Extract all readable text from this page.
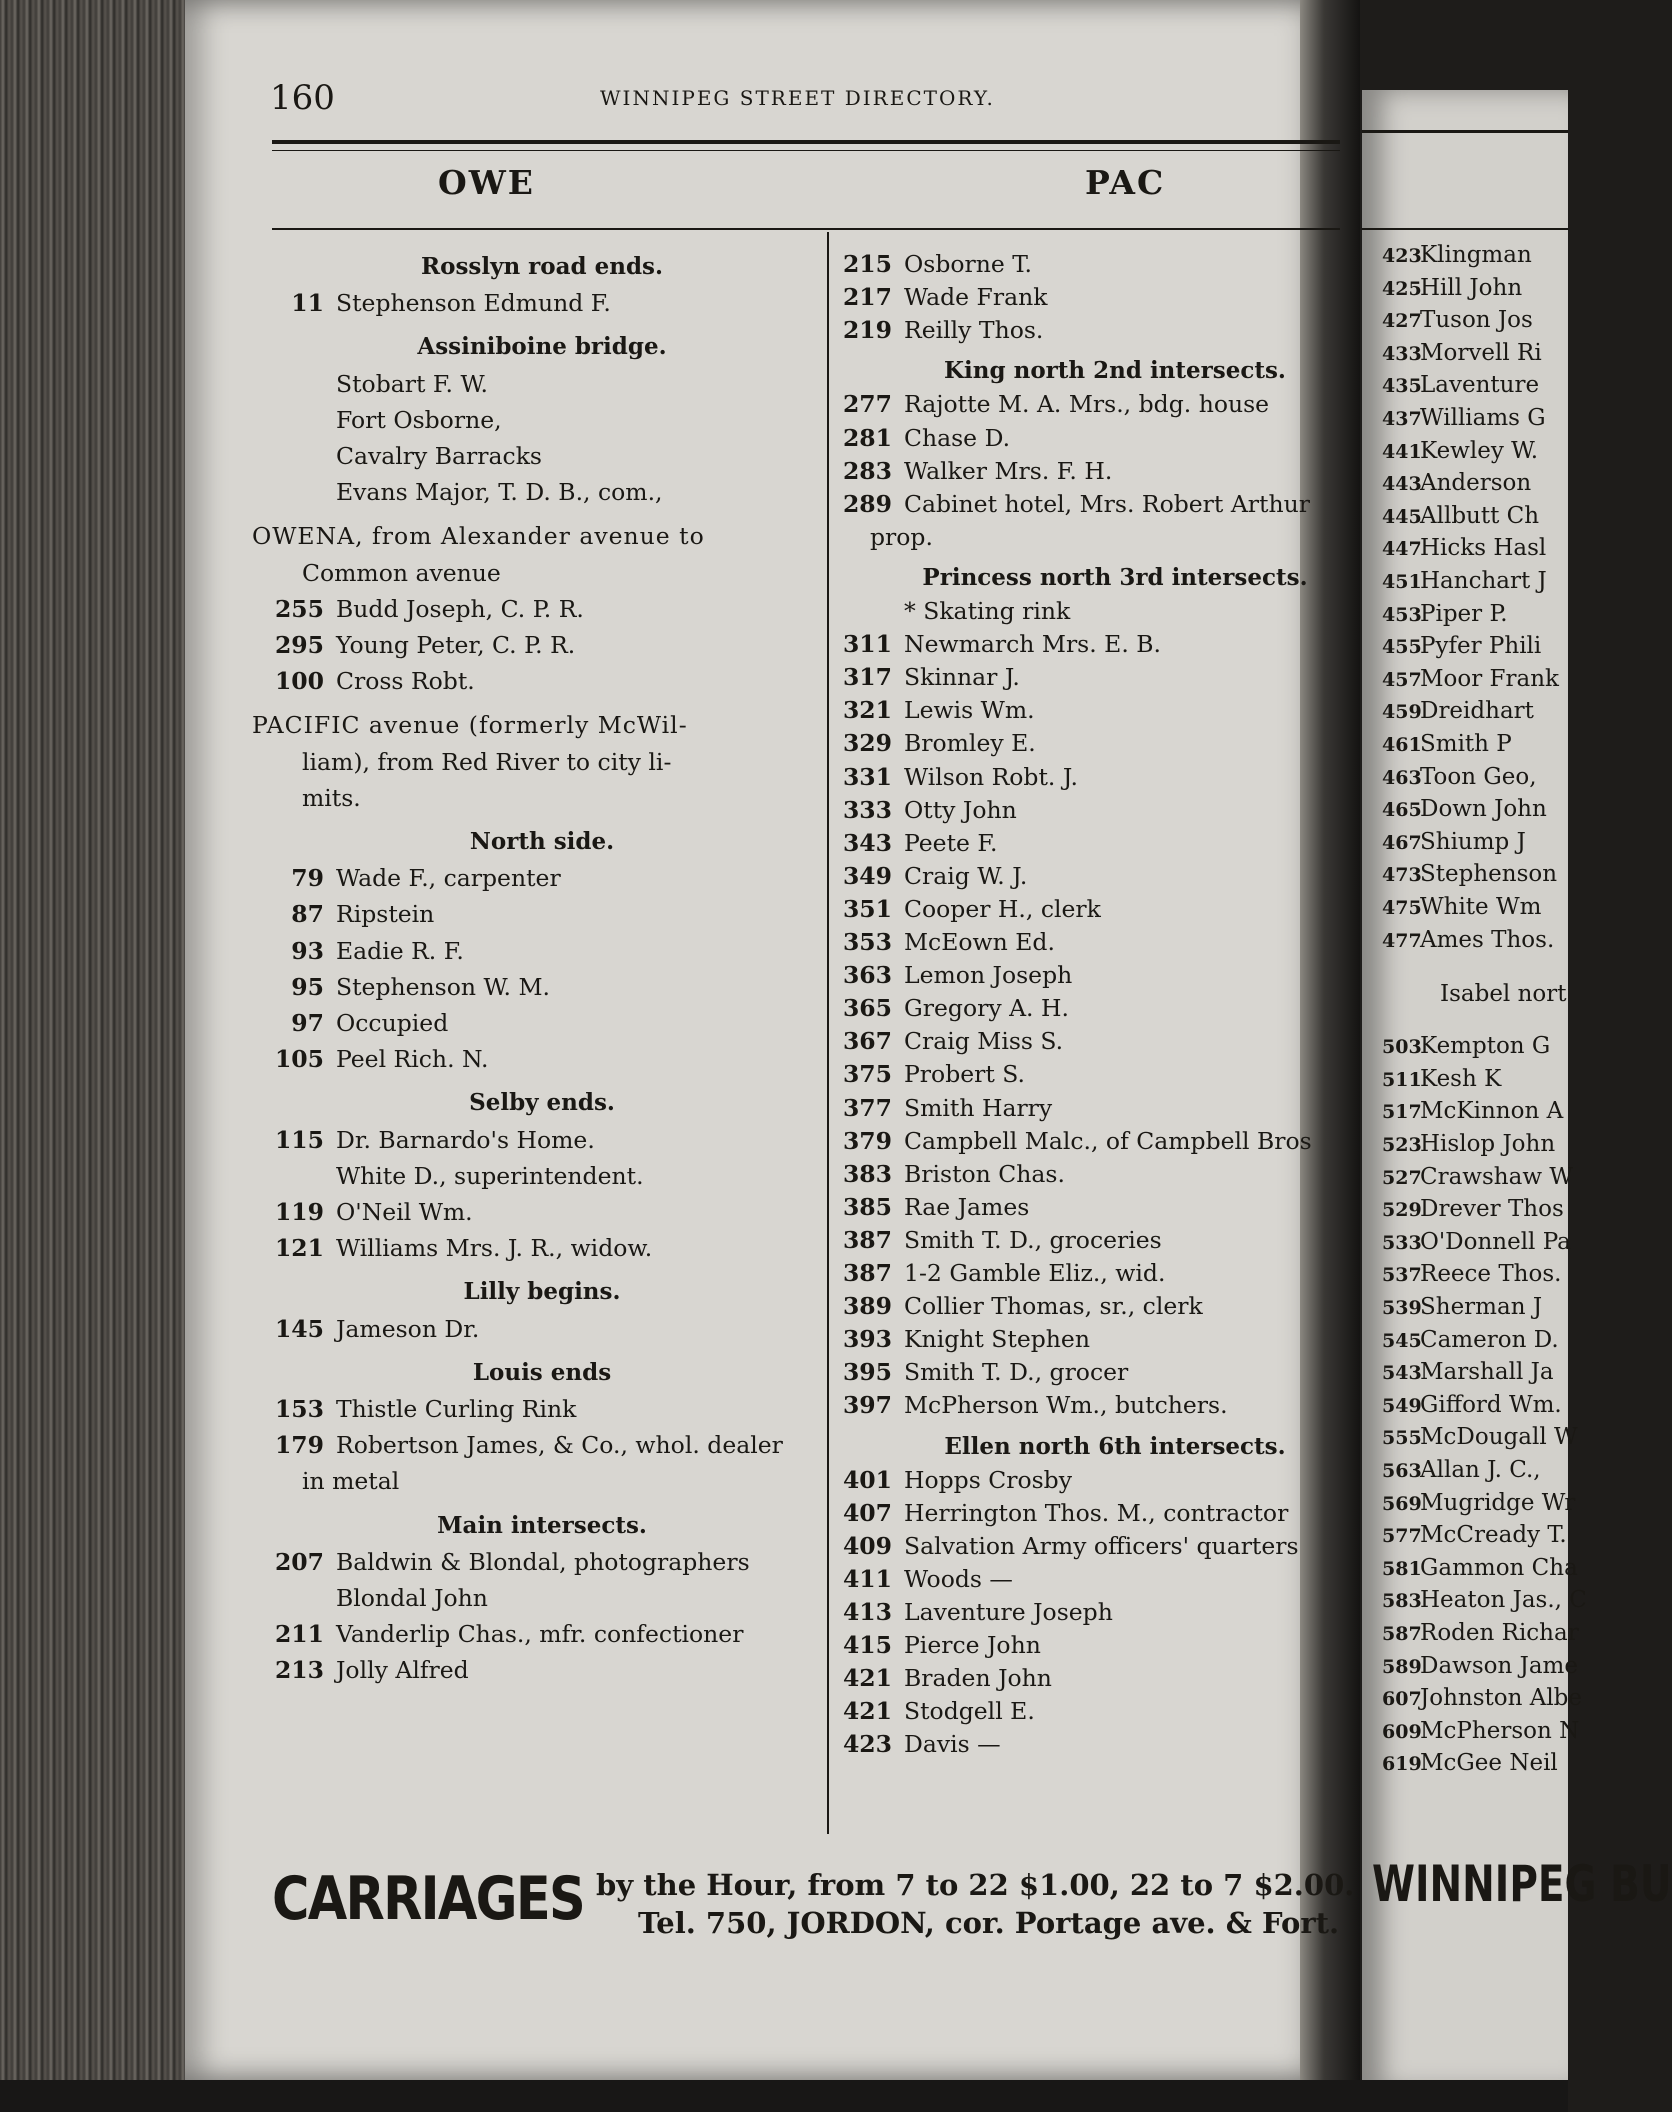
423Klingman
425Hill John
427Tuson Jos
433Morvell Ri
435Laventure
437Williams G
441Kewley W.
443Anderson
445Allbutt Ch
447Hicks Hasl
451Hanchart J
453Piper P.
455Pyfer Phili
457Moor Frank
459Dreidhart
461Smith P
463Toon Geo,
465Down John
467Shiump J
473Stephenson
475White Wm
477Ames Thos.
Isabel nort
503Kempton G
511Kesh K
517McKinnon A
523Hislop John
527Crawshaw W
529Drever Thos
533O'Donnell Pa
537Reece Thos.
539Sherman J
545Cameron D.
543Marshall Ja
549Gifford Wm.
555McDougall W
563Allan J. C.,
569Mugridge Wr
577McCready T.
581Gammon Cha
583Heaton Jas., C
587Roden Richar
589Dawson Jame
607Johnston Albe
609McPherson N
619McGee Neil
WINNIPEG BU
160	WINNIPEG STREET DIRECTORY.
OWE	PAC
Rosslyn road ends.
11 Stephenson Edmund F.
Assiniboine bridge.
Stobart F. W.
Fort Osborne,
Cavalry Barracks
Evans Major, T. D. B., com.,
OWENA, from Alexander avenue to
Common avenue
255 Budd Joseph, C. P. R.
295 Young Peter, C. P. R.
100 Cross Robt.
PACIFIC avenue (formerly McWil-
liam), from Red River to city li-
mits.
North side.
79 Wade F., carpenter
87 Ripstein
93 Eadie R. F.
95 Stephenson W. M.
97 Occupied
105 Peel Rich. N.
Selby ends.
115 Dr. Barnardo's Home.
White D., superintendent.
119 O'Neil Wm.
121 Williams Mrs. J. R., widow.
Lilly begins.
145 Jameson Dr.
Louis ends
153 Thistle Curling Rink
179 Robertson James, & Co., whol. dealer
in metal
Main intersects.
207 Baldwin & Blondal, photographers
Blondal John
211 Vanderlip Chas., mfr. confectioner
213 Jolly Alfred
215 Osborne T.
217 Wade Frank
219 Reilly Thos.
King north 2nd intersects.
277 Rajotte M. A. Mrs., bdg. house
281 Chase D.
283 Walker Mrs. F. H.
289 Cabinet hotel, Mrs. Robert Arthur
prop.
Princess north 3rd intersects.
* Skating rink
311 Newmarch Mrs. E. B.
317 Skinnar J.
321 Lewis Wm.
329 Bromley E.
331 Wilson Robt. J.
333 Otty John
343 Peete F.
349 Craig W. J.
351 Cooper H., clerk
353 McEown Ed.
363 Lemon Joseph
365 Gregory A. H.
367 Craig Miss S.
375 Probert S.
377 Smith Harry
379 Campbell Malc., of Campbell Bros
383 Briston Chas.
385 Rae James
387 Smith T. D., groceries
387 1-2 Gamble Eliz., wid.
389 Collier Thomas, sr., clerk
393 Knight Stephen
395 Smith T. D., grocer
397 McPherson Wm., butchers.
Ellen north 6th intersects.
401 Hopps Crosby
407 Herrington Thos. M., contractor
409 Salvation Army officers' quarters
411 Woods —
413 Laventure Joseph
415 Pierce John
421 Braden John
421 Stodgell E.
423 Davis —
CARRIAGES by the Hour, from 7 to 22 $1.00, 22 to 7 $2.00.
Tel. 750, JORDON, cor. Portage ave. & Fort.
